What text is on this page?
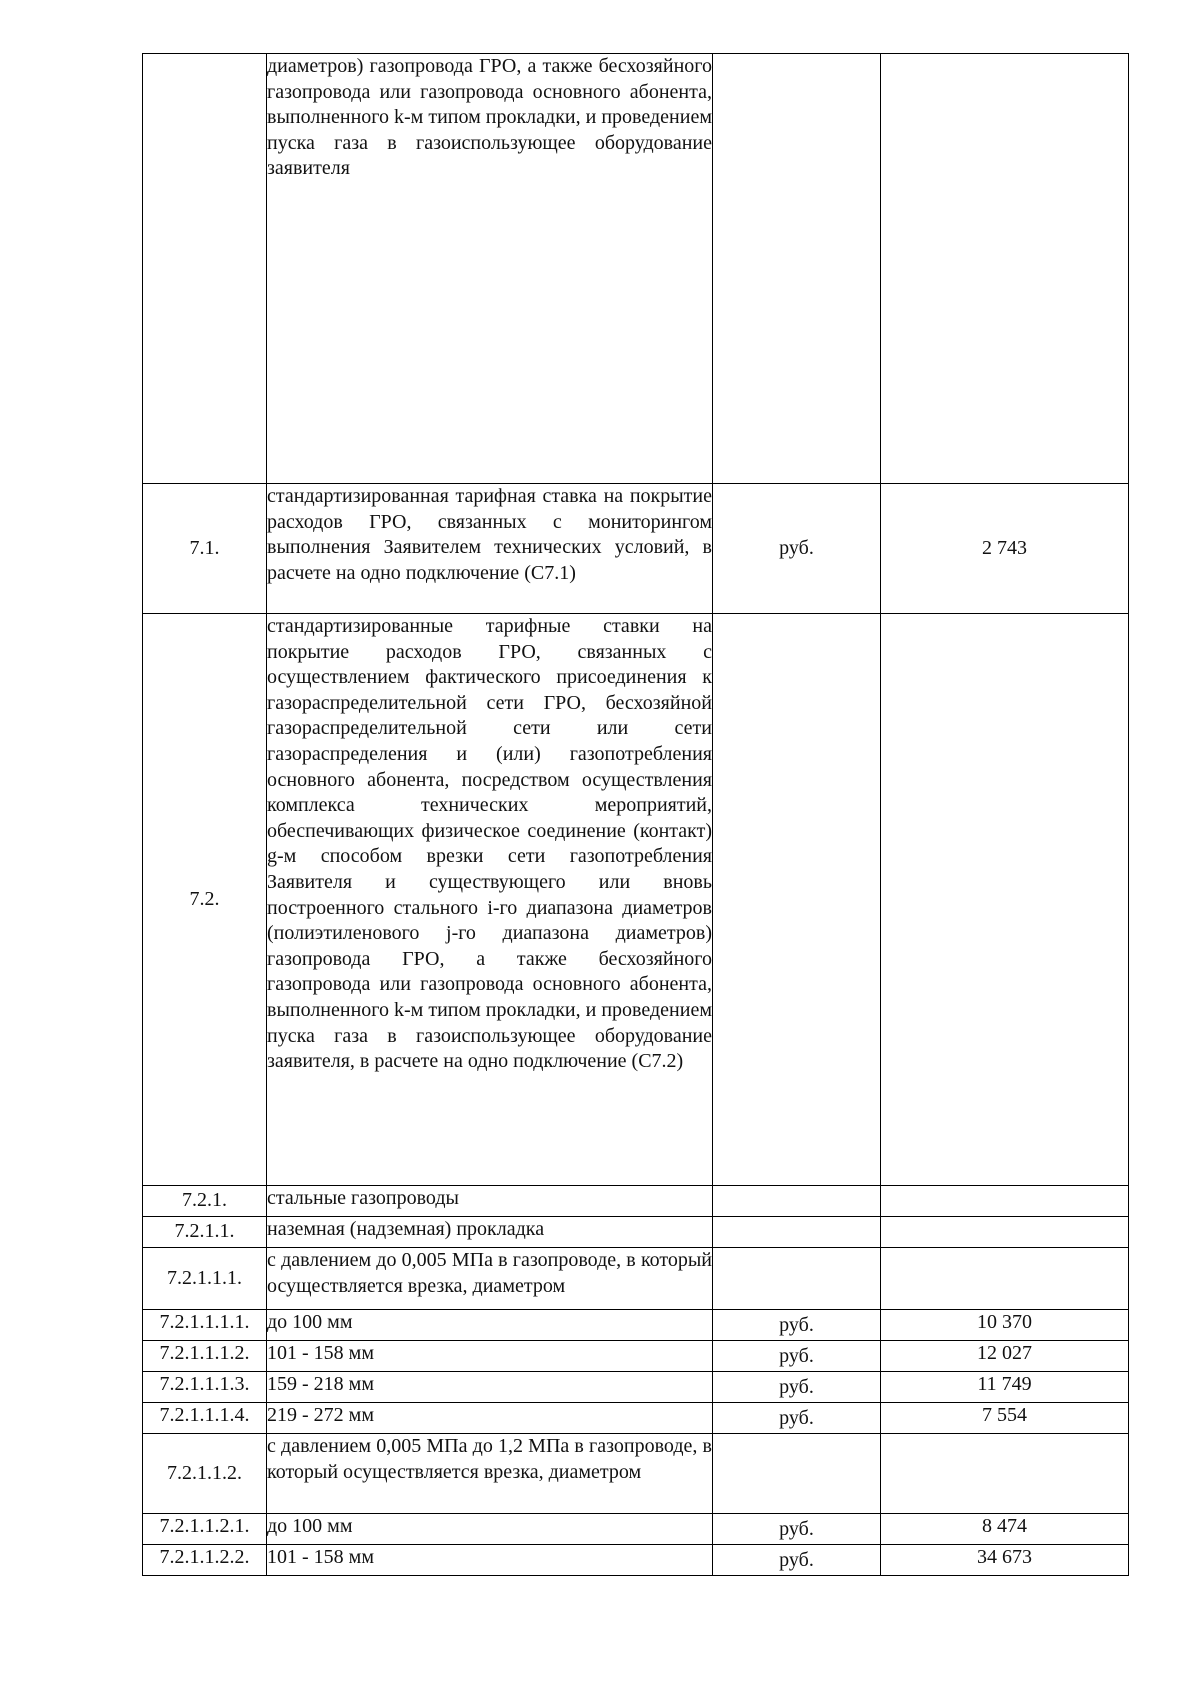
	диаметров) газопровода ГРО, а также бесхозяйного газопровода или газопровода основного абонента, выполненного k-м типом прокладки, и проведением пуска газа в газоиспользующее оборудование заявителя		
7.1.	стандартизированная тарифная ставка на покрытие расходов ГРО, связанных с мониторингом выполнения Заявителем технических условий, в расчете на одно подключение (С7.1)	руб.	2 743
7.2.	стандартизированные тарифные ставки на покрытие расходов ГРО, связанных с осуществлением фактического присоединения к газораспределительной сети ГРО, бесхозяйной газораспределительной сети или сети газораспределения и (или) газопотребления основного абонента, посредством осуществления комплекса технических мероприятий, обеспечивающих физическое соединение (контакт) g-м способом врезки сети газопотребления Заявителя и существующего или вновь построенного стального i-го диапазона диаметров (полиэтиленового j-го диапазона диаметров) газопровода ГРО, а также бесхозяйного газопровода или газопровода основного абонента, выполненного k-м типом прокладки, и проведением пуска газа в газоиспользующее оборудование заявителя, в расчете на одно подключение (С7.2)		
7.2.1.	стальные газопроводы		
7.2.1.1.	наземная (надземная) прокладка		
7.2.1.1.1.	с давлением до 0,005 МПа в газопроводе, в который осуществляется врезка, диаметром		
7.2.1.1.1.1.	до 100 мм	руб.	10 370
7.2.1.1.1.2.	101 - 158 мм	руб.	12 027
7.2.1.1.1.3.	159 - 218 мм	руб.	11 749
7.2.1.1.1.4.	219 - 272 мм	руб.	7 554
7.2.1.1.2.	с давлением 0,005 МПа до 1,2 МПа в газопроводе, в который осуществляется врезка, диаметром		
7.2.1.1.2.1.	до 100 мм	руб.	8 474
7.2.1.1.2.2.	101 - 158 мм	руб.	34 673
